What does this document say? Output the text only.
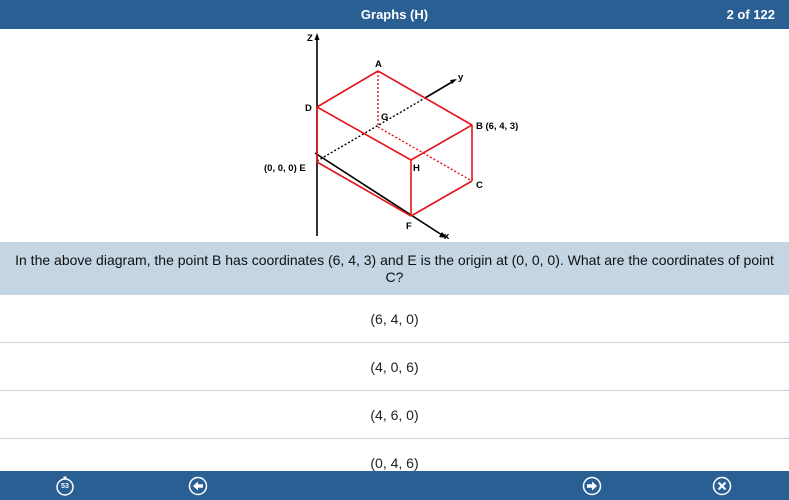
Graphs (H)	2 of 122
Z
y
x
A
B (6, 4, 3)
C
D
(0, 0, 0) E
F
G
H
In the above diagram, the point B has coordinates (6, 4, 3) and E is the origin at (0, 0, 0). What are the coordinates of point C?
(6, 4, 0)
(4, 0, 6)
(4, 6, 0)
(0, 4, 6)
53
